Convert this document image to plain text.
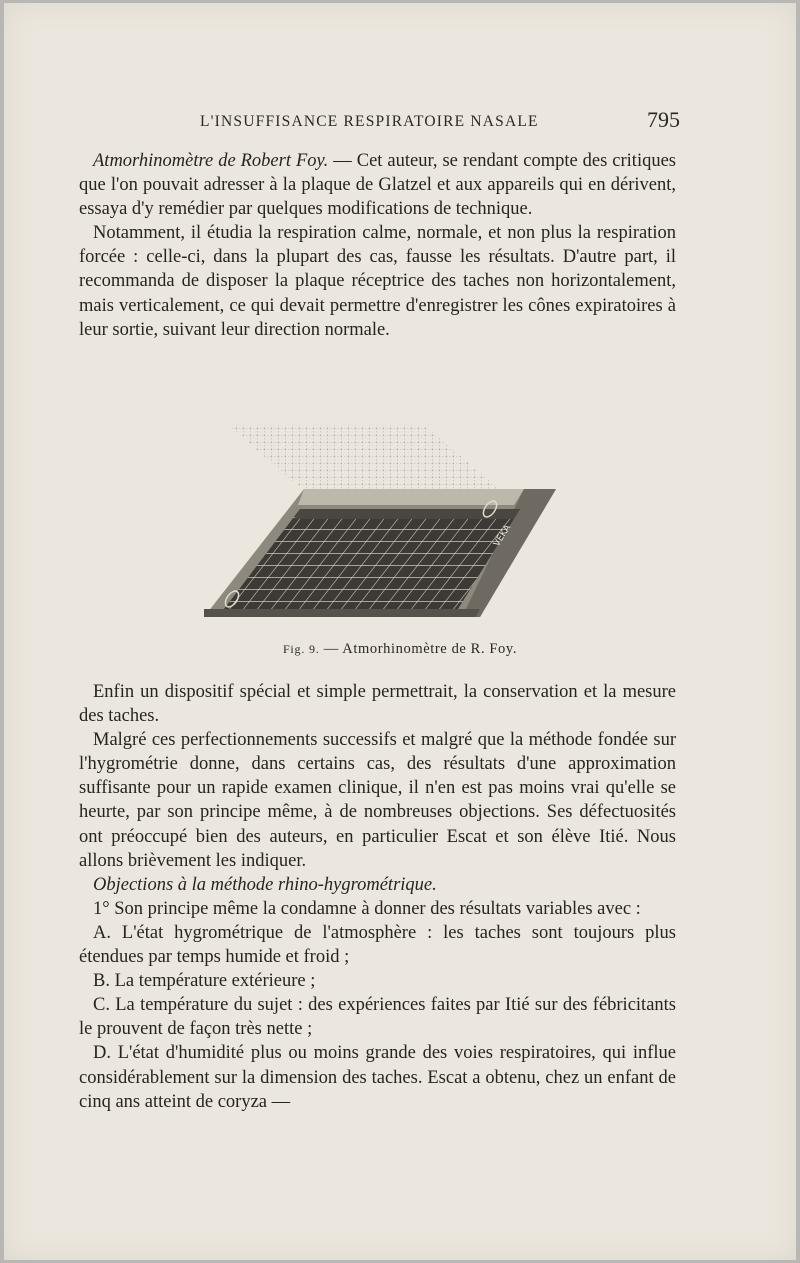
L'INSUFFISANCE RESPIRATOIRE NASALE	795

Atmorhinomètre de Robert Foy. — Cet auteur, se rendant compte des critiques que l'on pouvait adresser à la plaque de Glatzel et aux appareils qui en dérivent, essaya d'y remédier par quelques modifications de technique.

Notamment, il étudia la respiration calme, normale, et non plus la respiration forcée : celle-ci, dans la plupart des cas, fausse les résultats. D'autre part, il recommanda de disposer la plaque réceptrice des taches non horizontalement, mais verticalement, ce qui devait permettre d'enregistrer les cônes expiratoires à leur sortie, suivant leur direction normale.

VEKA
Fig. 9. — Atmorhinomètre de R. Foy.

Enfin un dispositif spécial et simple permettrait, la conservation et la mesure des taches.

Malgré ces perfectionnements successifs et malgré que la méthode fondée sur l'hygrométrie donne, dans certains cas, des résultats d'une approximation suffisante pour un rapide examen clinique, il n'en est pas moins vrai qu'elle se heurte, par son principe même, à de nombreuses objections. Ses défectuosités ont préoccupé bien des auteurs, en particulier Escat et son élève Itié. Nous allons brièvement les indiquer.

Objections à la méthode rhino-hygrométrique.

1° Son principe même la condamne à donner des résultats variables avec :

A. L'état hygrométrique de l'atmosphère : les taches sont toujours plus étendues par temps humide et froid ;

B. La température extérieure ;

C. La température du sujet : des expériences faites par Itié sur des fébricitants le prouvent de façon très nette ;

D. L'état d'humidité plus ou moins grande des voies respiratoires, qui influe considérablement sur la dimension des taches. Escat a obtenu, chez un enfant de cinq ans atteint de coryza —
